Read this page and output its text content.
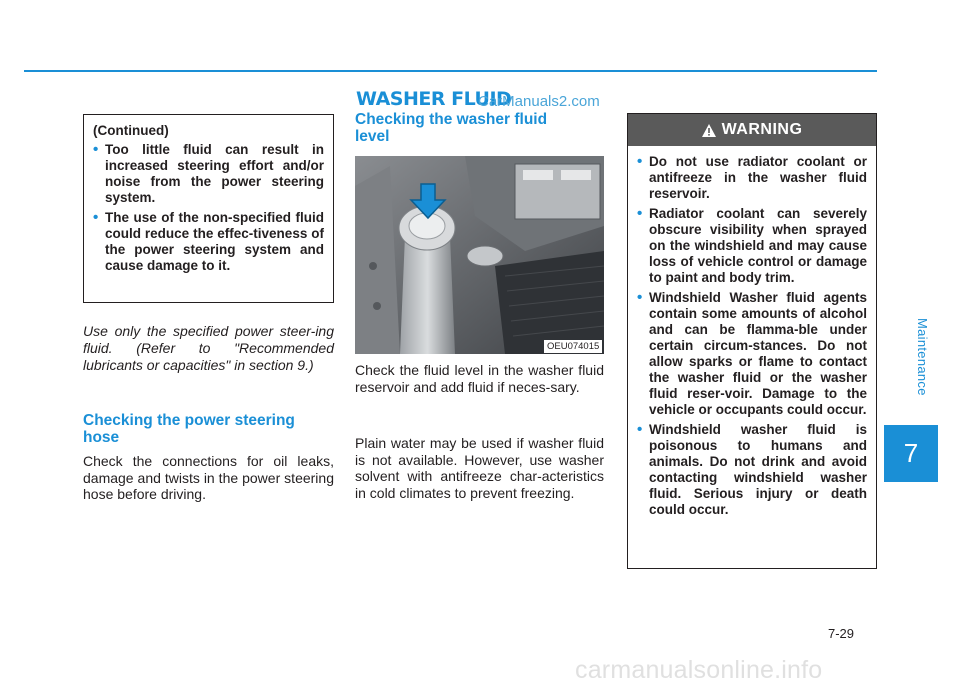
(Continued)
• Too little fluid can result in increased steering effort and/or noise from the power steering system.
• The use of the non-specified fluid could reduce the effec-tiveness of the power steering system and cause damage to it.
Use only the specified power steer-ing fluid. (Refer to "Recommended lubricants or capacities" in section 9.)
Checking the power steering hose

Check the connections for oil leaks, damage and twists in the power steering hose before driving.

WASHER FLUID
CarManuals2.com
Checking the washer fluid level
OEU074015

Check the fluid level in the washer fluid reservoir and add fluid if neces-sary.

Plain water may be used if washer fluid is not available. However, use washer solvent with antifreeze char-acteristics in cold climates to prevent freezing.

WARNING
• Do not use radiator coolant or antifreeze in the washer fluid reservoir.
• Radiator coolant can severely obscure visibility when sprayed on the windshield and may cause loss of vehicle control or damage to paint and body trim.
• Windshield Washer fluid agents contain some amounts of alcohol and can be flamma-ble under certain circum-stances. Do not allow sparks or flame to contact the washer fluid or the washer fluid reser-voir. Damage to the vehicle or occupants could occur.
• Windshield washer fluid is poisonous to humans and animals. Do not drink and avoid contacting windshield washer fluid. Serious injury or death could occur.
Maintenance
7
7-29
carmanualsonline.info
